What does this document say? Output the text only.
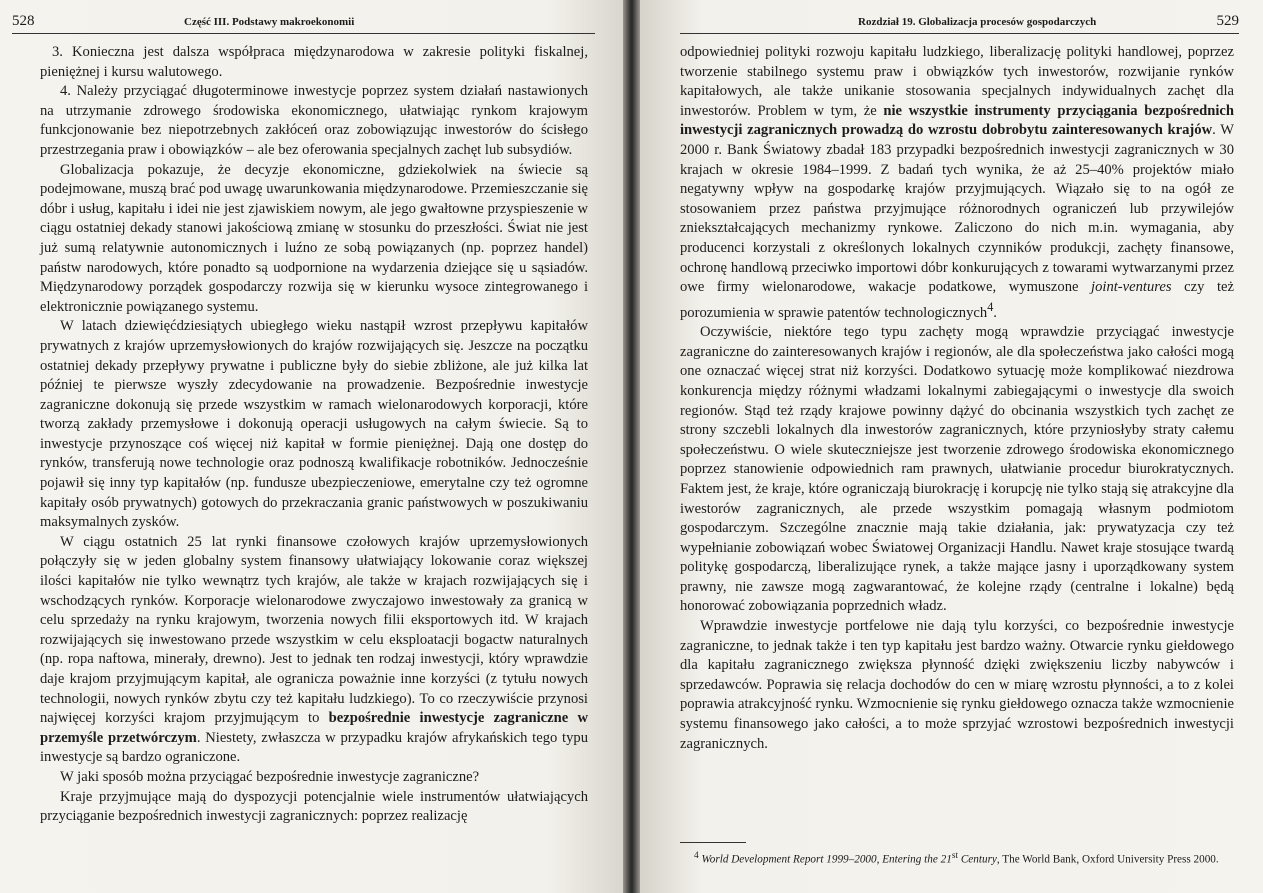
528	Część III. Podstawy makroekonomii

3. Konieczna jest dalsza współpraca międzynarodowa w zakresie polityki fiskalnej, pieniężnej i kursu walutowego.

4. Należy przyciągać długoterminowe inwestycje poprzez system działań nastawionych na utrzymanie zdrowego środowiska ekonomicznego, ułatwiając rynkom krajowym funkcjonowanie bez niepotrzebnych zakłóceń oraz zobowiązując inwestorów do ścisłego przestrzegania praw i obowiązków – ale bez oferowania specjalnych zachęt lub subsydiów.

Globalizacja pokazuje, że decyzje ekonomiczne, gdziekolwiek na świecie są podejmowane, muszą brać pod uwagę uwarunkowania międzynarodowe. Przemieszczanie się dóbr i usług, kapitału i idei nie jest zjawiskiem nowym, ale jego gwałtowne przyspieszenie w ciągu ostatniej dekady stanowi jakościową zmianę w stosunku do przeszłości. Świat nie jest już sumą relatywnie autonomicznych i luźno ze sobą powiązanych (np. poprzez handel) państw narodowych, które ponadto są uodpornione na wydarzenia dziejące się u sąsiadów. Międzynarodowy porządek gospodarczy rozwija się w kierunku wysoce zintegrowanego i elektronicznie powiązanego systemu.

W latach dziewięćdziesiątych ubiegłego wieku nastąpił wzrost przepływu kapitałów prywatnych z krajów uprzemysłowionych do krajów rozwijających się. Jeszcze na początku ostatniej dekady przepływy prywatne i publiczne były do siebie zbliżone, ale już kilka lat później te pierwsze wyszły zdecydowanie na prowadzenie. Bezpośrednie inwestycje zagraniczne dokonują się przede wszystkim w ramach wielonarodowych korporacji, które tworzą zakłady przemysłowe i dokonują operacji usługowych na całym świecie. Są to inwestycje przynoszące coś więcej niż kapitał w formie pieniężnej. Dają one dostęp do rynków, transferują nowe technologie oraz podnoszą kwalifikacje robotników. Jednocześnie pojawił się inny typ kapitałów (np. fundusze ubezpieczeniowe, emerytalne czy też ogromne kapitały osób prywatnych) gotowych do przekraczania granic państwowych w poszukiwaniu maksymalnych zysków.

W ciągu ostatnich 25 lat rynki finansowe czołowych krajów uprzemysłowionych połączyły się w jeden globalny system finansowy ułatwiający lokowanie coraz większej ilości kapitałów nie tylko wewnątrz tych krajów, ale także w krajach rozwijających się i wschodzących rynków. Korporacje wielonarodowe zwyczajowo inwestowały za granicą w celu sprzedaży na rynku krajowym, tworzenia nowych filii eksportowych itd. W krajach rozwijających się inwestowano przede wszystkim w celu eksploatacji bogactw naturalnych (np. ropa naftowa, minerały, drewno). Jest to jednak ten rodzaj inwestycji, który wprawdzie daje krajom przyjmującym kapitał, ale ogranicza poważnie inne korzyści (z tytułu nowych technologii, nowych rynków zbytu czy też kapitału ludzkiego). To co rzeczywiście przynosi najwięcej korzyści krajom przyjmującym to bezpośrednie inwestycje zagraniczne w przemyśle przetwórczym. Niestety, zwłaszcza w przypadku krajów afrykańskich tego typu inwestycje są bardzo ograniczone.

W jaki sposób można przyciągać bezpośrednie inwestycje zagraniczne?

Kraje przyjmujące mają do dyspozycji potencjalnie wiele instrumentów ułatwiających przyciąganie bezpośrednich inwestycji zagranicznych: poprzez realizację

Rozdział 19. Globalizacja procesów gospodarczych	529

odpowiedniej polityki rozwoju kapitału ludzkiego, liberalizację polityki handlowej, poprzez tworzenie stabilnego systemu praw i obwiązków tych inwestorów, rozwijanie rynków kapitałowych, ale także unikanie stosowania specjalnych indywidualnych zachęt dla inwestorów. Problem w tym, że nie wszystkie instrumenty przyciągania bezpośrednich inwestycji zagranicznych prowadzą do wzrostu dobrobytu zainteresowanych krajów. W 2000 r. Bank Światowy zbadał 183 przypadki bezpośrednich inwestycji zagranicznych w 30 krajach w okresie 1984–1999. Z badań tych wynika, że aż 25–40% projektów miało negatywny wpływ na gospodarkę krajów przyjmujących. Wiązało się to na ogół ze stosowaniem przez państwa przyjmujące różnorodnych ograniczeń lub przywilejów zniekształcających mechanizmy rynkowe. Zaliczono do nich m.in. wymagania, aby producenci korzystali z określonych lokalnych czynników produkcji, zachęty finansowe, ochronę handlową przeciwko importowi dóbr konkurujących z towarami wytwarzanymi przez owe firmy wielonarodowe, wakacje podatkowe, wymuszone joint-ventures czy też porozumienia w sprawie patentów technologicznych$^4$.

Oczywiście, niektóre tego typu zachęty mogą wprawdzie przyciągać inwestycje zagraniczne do zainteresowanych krajów i regionów, ale dla społeczeństwa jako całości mogą one oznaczać więcej strat niż korzyści. Dodatkowo sytuację może komplikować niezdrowa konkurencja między różnymi władzami lokalnymi zabiegającymi o inwestycje dla swoich regionów. Stąd też rządy krajowe powinny dążyć do obcinania wszystkich tych zachęt ze strony szczebli lokalnych dla inwestorów zagranicznych, które przyniosłyby straty całemu społeczeństwu. O wiele skuteczniejsze jest tworzenie zdrowego środowiska ekonomicznego poprzez stanowienie odpowiednich ram prawnych, ułatwianie procedur biurokratycznych. Faktem jest, że kraje, które ograniczają biurokrację i korupcję nie tylko stają się atrakcyjne dla iwestorów zagranicznych, ale przede wszystkim pomagają własnym podmiotom gospodarczym. Szczególne znacznie mają takie działania, jak: prywatyzacja czy też wypełnianie zobowiązań wobec Światowej Organizacji Handlu. Nawet kraje stosujące twardą politykę gospodarczą, liberalizujące rynek, a także mające jasny i uporządkowany system prawny, nie zawsze mogą zagwarantować, że kolejne rządy (centralne i lokalne) będą honorować zobowiązania poprzednich władz.

Wprawdzie inwestycje portfelowe nie dają tylu korzyści, co bezpośrednie inwestycje zagraniczne, to jednak także i ten typ kapitału jest bardzo ważny. Otwarcie rynku giełdowego dla kapitału zagranicznego zwiększa płynność dzięki zwiększeniu liczby nabywców i sprzedawców. Poprawia się relacja dochodów do cen w miarę wzrostu płynności, a to z kolei poprawia atrakcyjność rynku. Wzmocnienie się rynku giełdowego oznacza także wzmocnienie systemu finansowego jako całości, a to może sprzyjać wzrostowi bezpośrednich inwestycji zagranicznych.

$^4$ World Development Report 1999–2000, Entering the 21st Century, The World Bank, Oxford University Press 2000.
